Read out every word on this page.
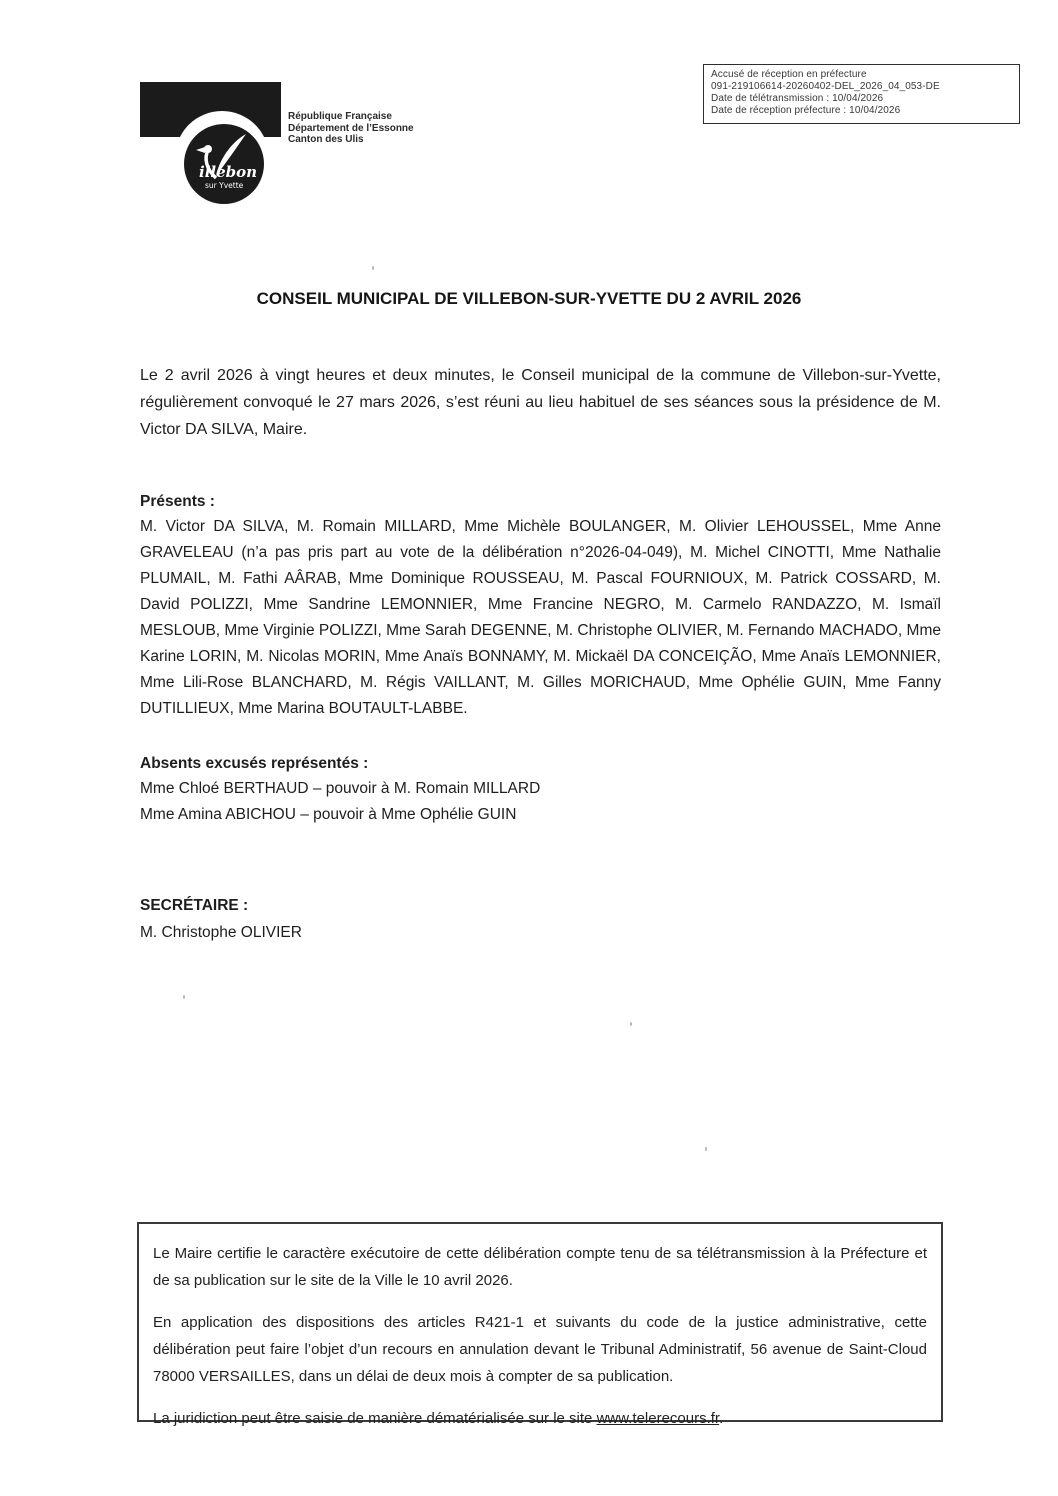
illebon
sur Yvette
République Française
Département de l’Essonne
Canton des Ulis
Accusé de réception en préfecture
091-219106614-20260402-DEL_2026_04_053-DE
Date de télétransmission : 10/04/2026
Date de réception préfecture : 10/04/2026
CONSEIL MUNICIPAL DE VILLEBON-SUR-YVETTE DU 2 AVRIL 2026

Le 2 avril 2026 à vingt heures et deux minutes, le Conseil municipal de la commune de Villebon-sur-Yvette, régulièrement convoqué le 27 mars 2026, s’est réuni au lieu habituel de ses séances sous la présidence de M. Victor DA SILVA, Maire.

Présents :

M. Victor DA SILVA, M. Romain MILLARD, Mme Michèle BOULANGER, M. Olivier LEHOUSSEL, Mme Anne GRAVELEAU (n’a pas pris part au vote de la délibération n°2026-04-049), M. Michel CINOTTI, Mme Nathalie PLUMAIL, M. Fathi AÂRAB, Mme Dominique ROUSSEAU, M. Pascal FOURNIOUX, M. Patrick COSSARD, M. David POLIZZI, Mme Sandrine LEMONNIER, Mme Francine NEGRO, M. Carmelo RANDAZZO, M. Ismaïl MESLOUB, Mme Virginie POLIZZI, Mme Sarah DEGENNE, M. Christophe OLIVIER, M. Fernando MACHADO, Mme Karine LORIN, M. Nicolas MORIN, Mme Anaïs BONNAMY, M. Mickaël DA CONCEIÇÃO, Mme Anaïs LEMONNIER, Mme Lili-Rose BLANCHARD, M. Régis VAILLANT, M. Gilles MORICHAUD, Mme Ophélie GUIN, Mme Fanny DUTILLIEUX, Mme Marina BOUTAULT-LABBE.

Absents excusés représentés :

Mme Chloé BERTHAUD – pouvoir à M. Romain MILLARD
Mme Amina ABICHOU – pouvoir à Mme Ophélie GUIN

SECRÉTAIRE :

M. Christophe OLIVIER

Le Maire certifie le caractère exécutoire de cette délibération compte tenu de sa télétransmission à la Préfecture et de sa publication sur le site de la Ville le 10 avril 2026.

En application des dispositions des articles R421-1 et suivants du code de la justice administrative, cette délibération peut faire l’objet d’un recours en annulation devant le Tribunal Administratif, 56 avenue de Saint-Cloud 78000 VERSAILLES, dans un délai de deux mois à compter de sa publication.

La juridiction peut être saisie de manière dématérialisée sur le site www.telerecours.fr.
